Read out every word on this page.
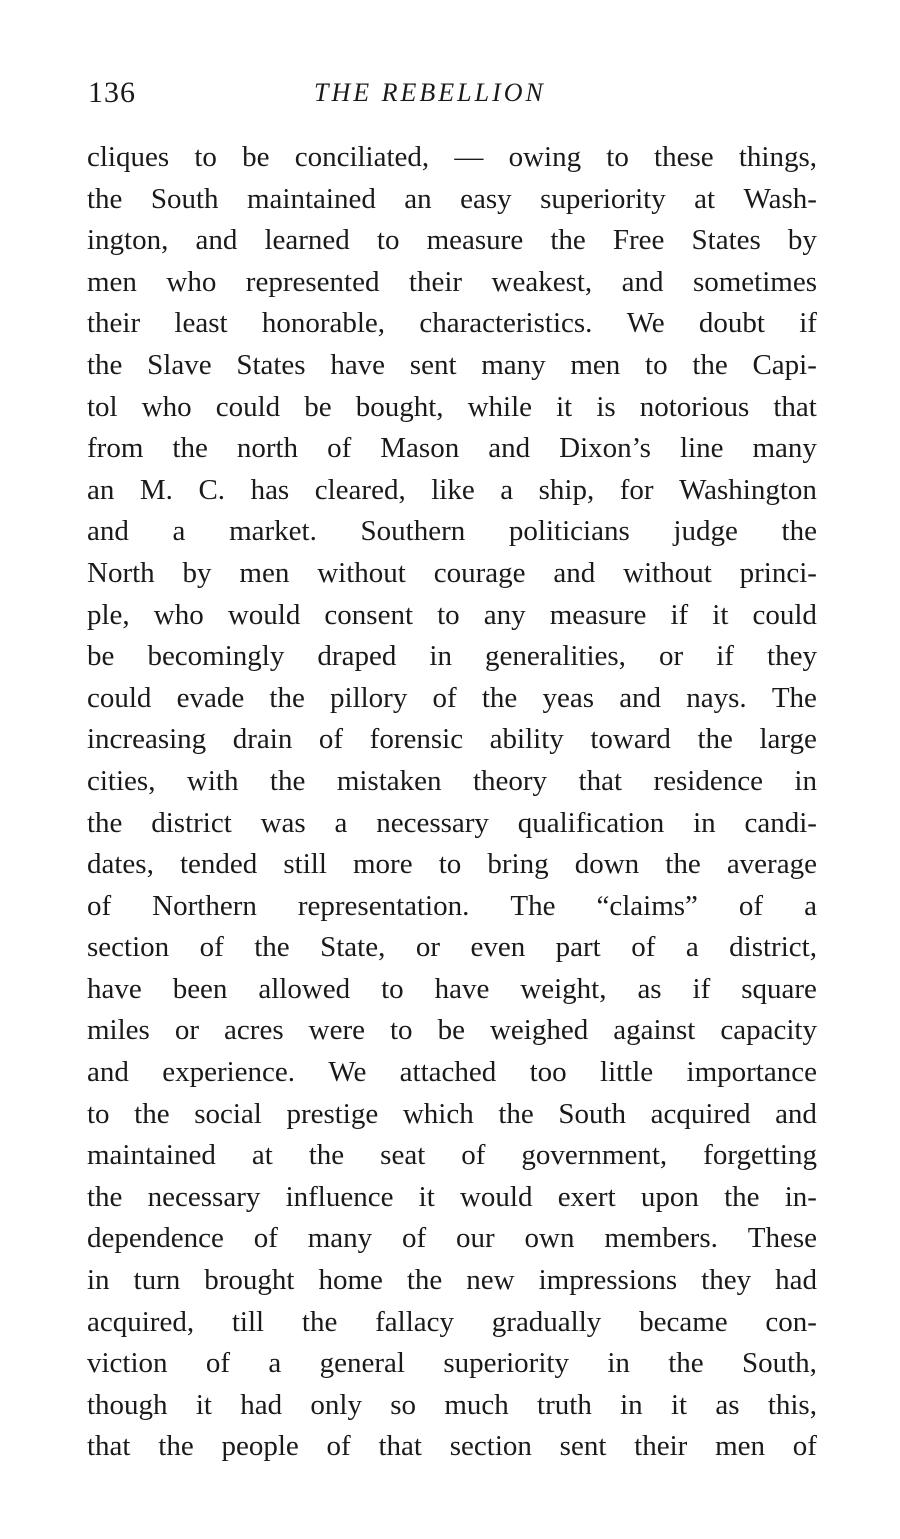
136	THE REBELLION
cliques to be conciliated, — owing to these things,
the South maintained an easy superiority at Wash-
ington, and learned to measure the Free States by
men who represented their weakest, and sometimes
their least honorable, characteristics. We doubt if
the Slave States have sent many men to the Capi-
tol who could be bought, while it is notorious that
from the north of Mason and Dixon’s line many
an M. C. has cleared, like a ship, for Washington
and a market. Southern politicians judge the
North by men without courage and without princi-
ple, who would consent to any measure if it could
be becomingly draped in generalities, or if they
could evade the pillory of the yeas and nays. The
increasing drain of forensic ability toward the large
cities, with the mistaken theory that residence in
the district was a necessary qualification in candi-
dates, tended still more to bring down the average
of Northern representation. The “claims” of a
section of the State, or even part of a district,
have been allowed to have weight, as if square
miles or acres were to be weighed against capacity
and experience. We attached too little importance
to the social prestige which the South acquired and
maintained at the seat of government, forgetting
the necessary influence it would exert upon the in-
dependence of many of our own members. These
in turn brought home the new impressions they had
acquired, till the fallacy gradually became con-
viction of a general superiority in the South,
though it had only so much truth in it as this,
that the people of that section sent their men of
